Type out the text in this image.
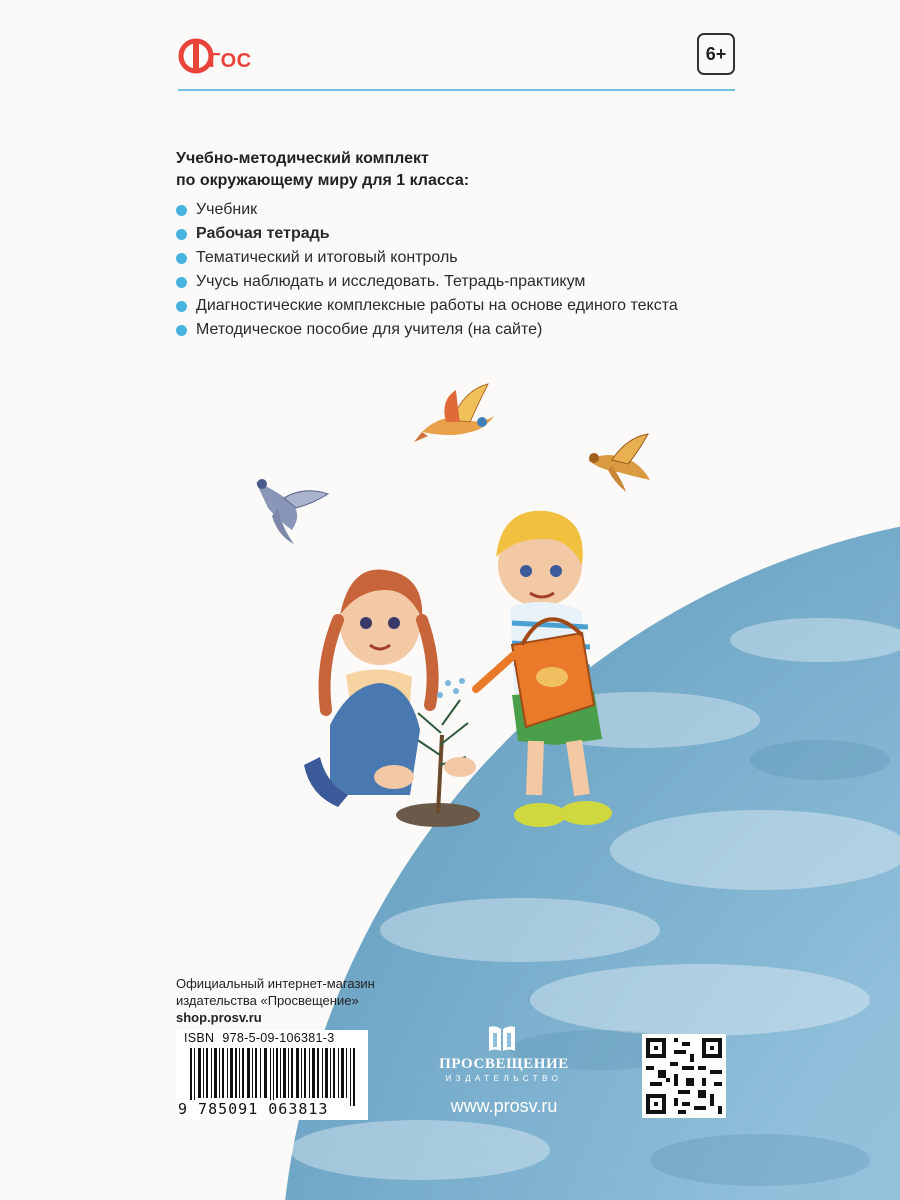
ГОС	6+
Учебно-методический комплект
по окружающему миру для 1 класса:
Учебник
Рабочая тетрадь
Тематический и итоговый контроль
Учусь наблюдать и исследовать. Тетрадь-практикум
Диагностические комплексные работы на основе единого текста
Методическое пособие для учителя (на сайте)
Официальный интернет-магазин
издательства «Просвещение»
shop.prosv.ru
ISBN 978-5-09-106381-3
9 785091 063813
ПРОСВЕЩЕНИЕ
ИЗДАТЕЛЬСТВО
www.prosv.ru
